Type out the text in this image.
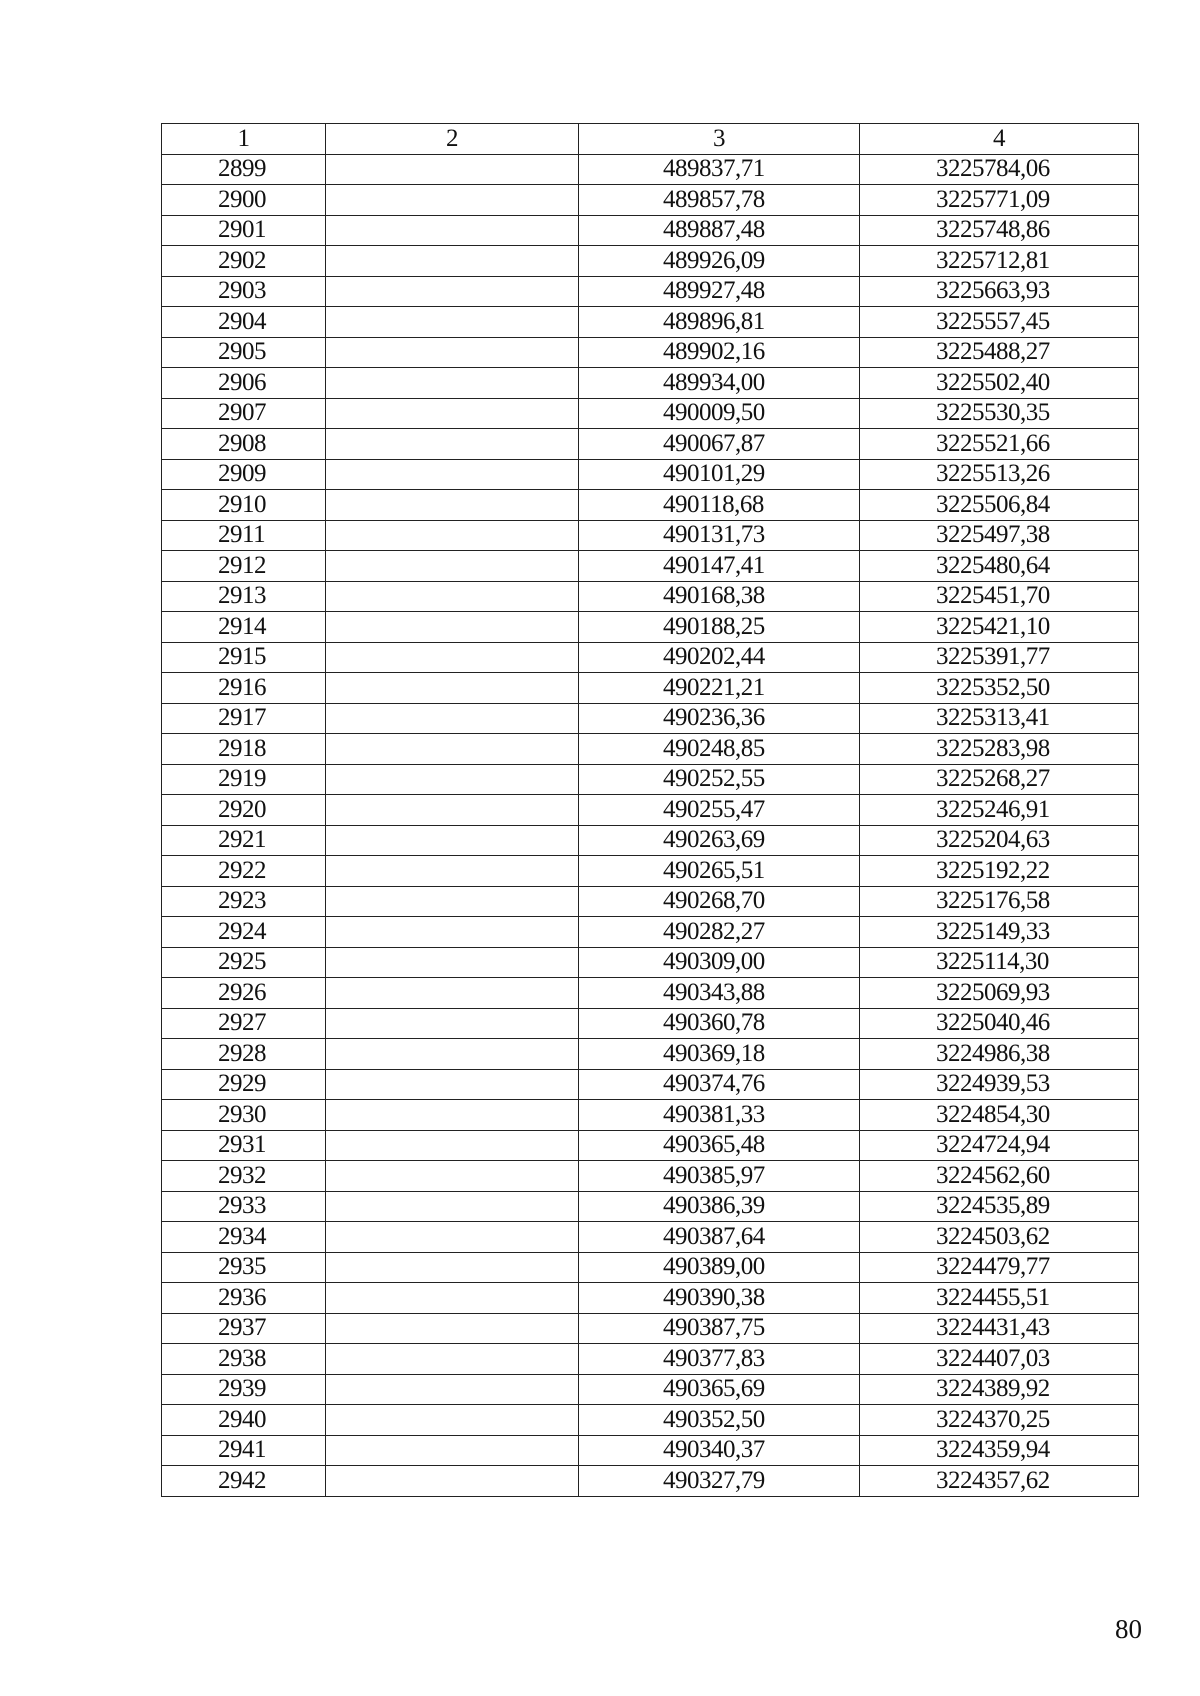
1	2	3	4
2899		489837,71	3225784,06
2900		489857,78	3225771,09
2901		489887,48	3225748,86
2902		489926,09	3225712,81
2903		489927,48	3225663,93
2904		489896,81	3225557,45
2905		489902,16	3225488,27
2906		489934,00	3225502,40
2907		490009,50	3225530,35
2908		490067,87	3225521,66
2909		490101,29	3225513,26
2910		490118,68	3225506,84
2911		490131,73	3225497,38
2912		490147,41	3225480,64
2913		490168,38	3225451,70
2914		490188,25	3225421,10
2915		490202,44	3225391,77
2916		490221,21	3225352,50
2917		490236,36	3225313,41
2918		490248,85	3225283,98
2919		490252,55	3225268,27
2920		490255,47	3225246,91
2921		490263,69	3225204,63
2922		490265,51	3225192,22
2923		490268,70	3225176,58
2924		490282,27	3225149,33
2925		490309,00	3225114,30
2926		490343,88	3225069,93
2927		490360,78	3225040,46
2928		490369,18	3224986,38
2929		490374,76	3224939,53
2930		490381,33	3224854,30
2931		490365,48	3224724,94
2932		490385,97	3224562,60
2933		490386,39	3224535,89
2934		490387,64	3224503,62
2935		490389,00	3224479,77
2936		490390,38	3224455,51
2937		490387,75	3224431,43
2938		490377,83	3224407,03
2939		490365,69	3224389,92
2940		490352,50	3224370,25
2941		490340,37	3224359,94
2942		490327,79	3224357,62
80
